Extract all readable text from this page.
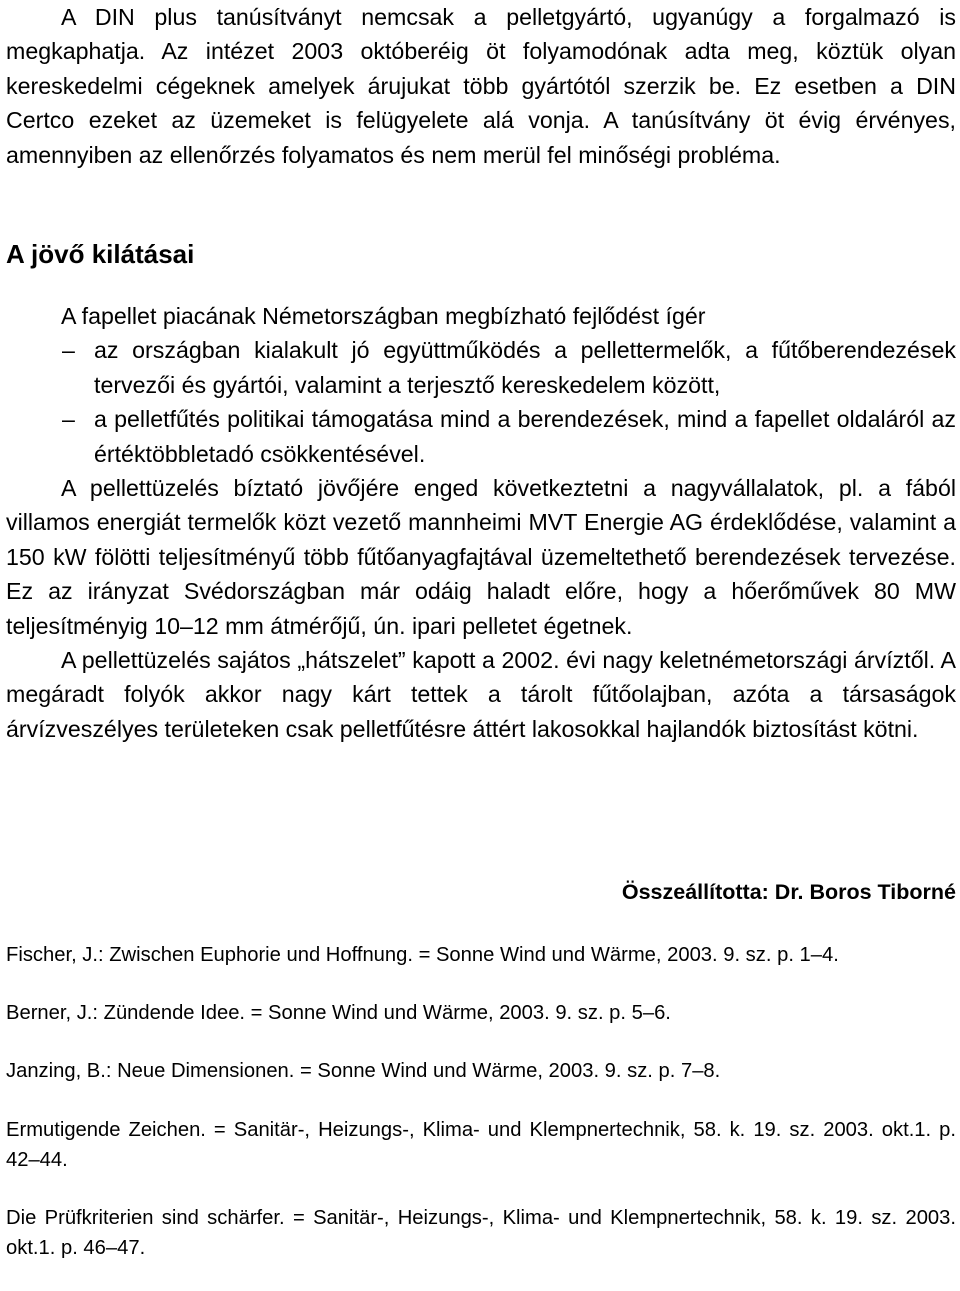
A DIN plus tanúsítványt nemcsak a pelletgyártó, ugyanúgy a forgalmazó is megkaphatja. Az intézet 2003 októberéig öt folyamodónak adta meg, köztük olyan kereskedelmi cégeknek amelyek árujukat több gyártótól szerzik be. Ez esetben a DIN Certco ezeket az üzemeket is felügyelete alá vonja. A tanúsítvány öt évig érvényes, amennyiben az ellenőrzés folyamatos és nem merül fel minőségi probléma.

A jövő kilátásai

A fapellet piacának Németországban megbízható fejlődést ígér

– az országban kialakult jó együttműködés a pellettermelők, a fűtőberendezések tervezői és gyártói, valamint a terjesztő kereskedelem között,
– a pelletfűtés politikai támogatása mind a berendezések, mind a fapellet oldaláról az értéktöbbletadó csökkentésével.

A pellettüzelés bíztató jövőjére enged következtetni a nagyvállalatok, pl. a fából villamos energiát termelők közt vezető mannheimi MVT Energie AG érdeklődése, valamint a 150 kW fölötti teljesítményű több fűtőanyagfajtával üzemeltethető berendezések tervezése. Ez az irányzat Svédországban már odáig haladt előre, hogy a hőerőművek 80 MW teljesítményig 10–12 mm átmérőjű, ún. ipari pelletet égetnek.

A pellettüzelés sajátos „hátszelet” kapott a 2002. évi nagy keletnémetországi árvíztől. A megáradt folyók akkor nagy kárt tettek a tárolt fűtőolajban, azóta a társaságok árvízveszélyes területeken csak pelletfűtésre áttért lakosokkal hajlandók biztosítást kötni.

Összeállította: Dr. Boros Tiborné

Fischer, J.: Zwischen Euphorie und Hoffnung. = Sonne Wind und Wärme, 2003. 9. sz. p. 1–4.

Berner, J.: Zündende Idee. = Sonne Wind und Wärme, 2003. 9. sz. p. 5–6.

Janzing, B.: Neue Dimensionen. = Sonne Wind und Wärme, 2003. 9. sz. p. 7–8.

Ermutigende Zeichen. = Sanitär-, Heizungs-, Klima- und Klempnertechnik, 58. k. 19. sz. 2003. okt.1. p. 42–44.

Die Prüfkriterien sind schärfer. = Sanitär-, Heizungs-, Klima- und Klempnertechnik, 58. k. 19. sz. 2003. okt.1. p. 46–47.
